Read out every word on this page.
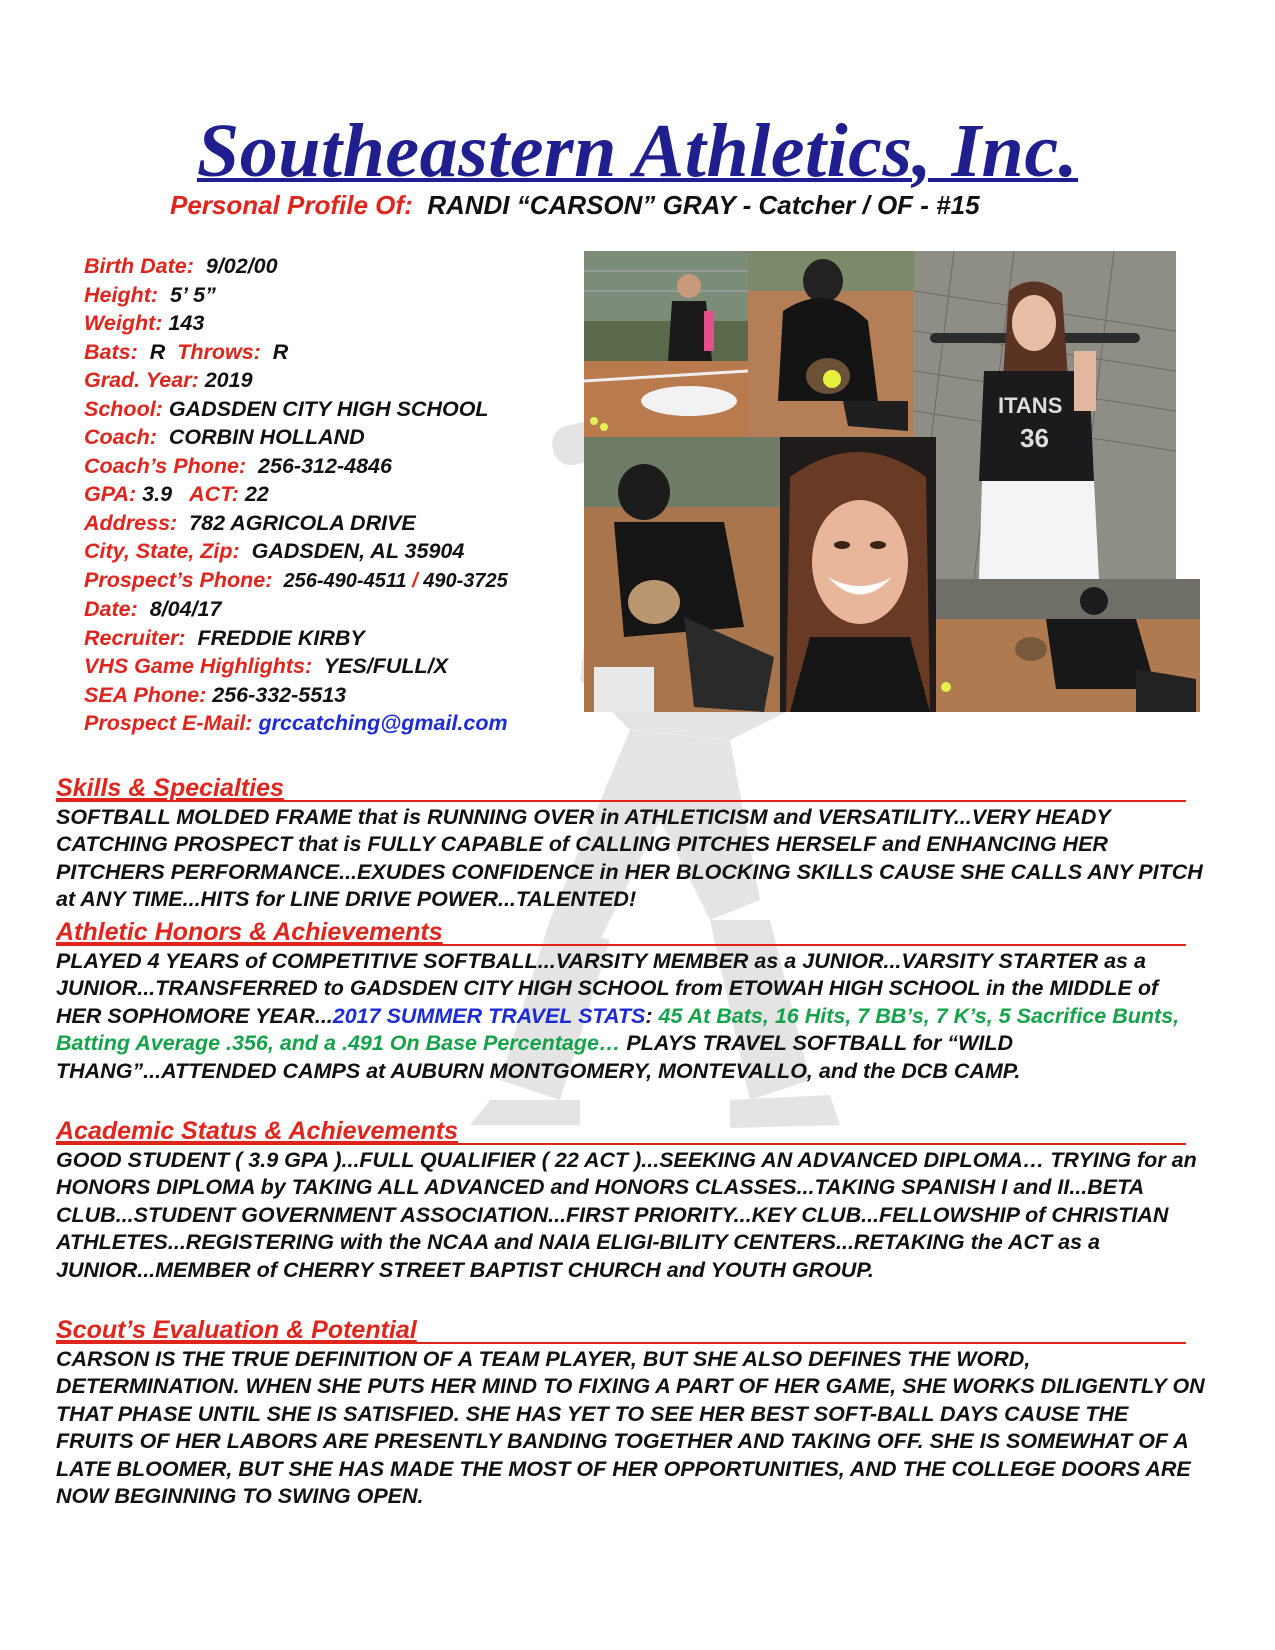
Southeastern Athletics, Inc.
Personal Profile Of: RANDI “CARSON” GRAY - Catcher / OF - #15
Birth Date: 9/02/00
Height: 5’ 5”
Weight: 143
Bats: R Throws: R
Grad. Year: 2019
School: GADSDEN CITY HIGH SCHOOL
Coach: CORBIN HOLLAND
Coach’s Phone: 256-312-4846
GPA: 3.9 ACT: 22
Address: 782 AGRICOLA DRIVE
City, State, Zip: GADSDEN, AL 35904
Prospect’s Phone: 256-490-4511 / 490-3725
Date: 8/04/17
Recruiter: FREDDIE KIRBY
VHS Game Highlights: YES/FULL/X
SEA Phone: 256-332-5513
Prospect E-Mail: grccatching@gmail.com
ITANS
36
Skills & Specialties
SOFTBALL MOLDED FRAME that is RUNNING OVER in ATHLETICISM and VERSATILITY...VERY HEADY CATCHING PROSPECT that is FULLY CAPABLE of CALLING PITCHES HERSELF and ENHANCING HER PITCHERS PERFORMANCE...EXUDES CONFIDENCE in HER BLOCKING SKILLS CAUSE SHE CALLS ANY PITCH at ANY TIME...HITS for LINE DRIVE POWER...TALENTED!
Athletic Honors & Achievements
PLAYED 4 YEARS of COMPETITIVE SOFTBALL...VARSITY MEMBER as a JUNIOR...VARSITY STARTER as a JUNIOR...TRANSFERRED to GADSDEN CITY HIGH SCHOOL from ETOWAH HIGH SCHOOL in the MIDDLE of HER SOPHOMORE YEAR...2017 SUMMER TRAVEL STATS: 45 At Bats, 16 Hits, 7 BB’s, 7 K’s, 5 Sacrifice Bunts, Batting Average .356, and a .491 On Base Percentage… PLAYS TRAVEL SOFTBALL for “WILD THANG”...ATTENDED CAMPS at AUBURN MONTGOMERY, MONTEVALLO, and the DCB CAMP.
Academic Status & Achievements
GOOD STUDENT ( 3.9 GPA )...FULL QUALIFIER ( 22 ACT )...SEEKING AN ADVANCED DIPLOMA… TRYING for an HONORS DIPLOMA by TAKING ALL ADVANCED and HONORS CLASSES...TAKING SPANISH I and II...BETA CLUB...STUDENT GOVERNMENT ASSOCIATION...FIRST PRIORITY...KEY CLUB...FELLOWSHIP of CHRISTIAN ATHLETES...REGISTERING with the NCAA and NAIA ELIGI-BILITY CENTERS...RETAKING the ACT as a JUNIOR...MEMBER of CHERRY STREET BAPTIST CHURCH and YOUTH GROUP.
Scout’s Evaluation & Potential
CARSON IS THE TRUE DEFINITION OF A TEAM PLAYER, BUT SHE ALSO DEFINES THE WORD, DETERMINATION. WHEN SHE PUTS HER MIND TO FIXING A PART OF HER GAME, SHE WORKS DILIGENTLY ON THAT PHASE UNTIL SHE IS SATISFIED. SHE HAS YET TO SEE HER BEST SOFT-BALL DAYS CAUSE THE FRUITS OF HER LABORS ARE PRESENTLY BANDING TOGETHER AND TAKING OFF. SHE IS SOMEWHAT OF A LATE BLOOMER, BUT SHE HAS MADE THE MOST OF HER OPPORTUNITIES, AND THE COLLEGE DOORS ARE NOW BEGINNING TO SWING OPEN.
